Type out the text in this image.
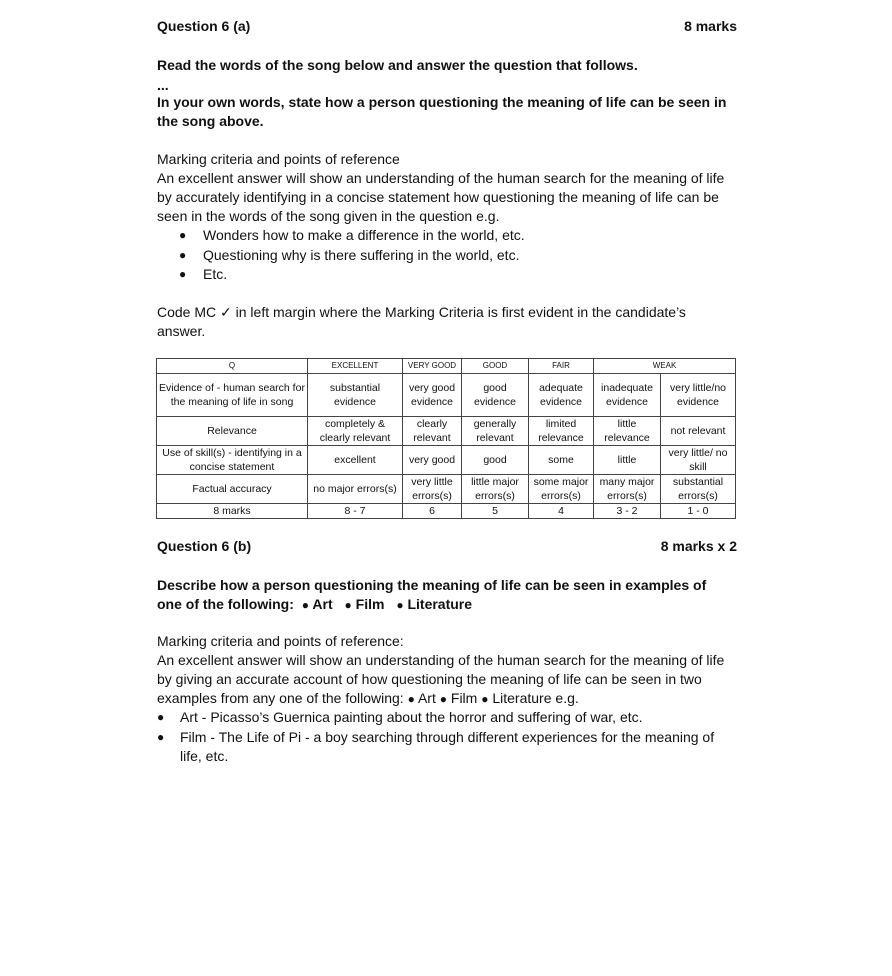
Question 6 (a)	8 marks
Read the words of the song below and answer the question that follows.
...
In your own words, state how a person questioning the meaning of life can be seen in the song above.
Marking criteria and points of reference
An excellent answer will show an understanding of the human search for the meaning of life by accurately identifying in a concise statement how questioning the meaning of life can be seen in the words of the song given in the question e.g.
● Wonders how to make a difference in the world, etc.
● Questioning why is there suffering in the world, etc.
● Etc.
Code MC ✓ in left margin where the Marking Criteria is first evident in the candidate’s answer.
Q	EXCELLENT	VERY GOOD	GOOD	FAIR	WEAK	
Evidence of - human search for the meaning of life in song	substantial evidence	very good evidence	good evidence	adequate evidence	inadequate evidence	very little/no evidence
Relevance	completely & clearly relevant	clearly relevant	generally relevant	limited relevance	little relevance	not relevant
Use of skill(s) - identifying in a concise statement	excellent	very good	good	some	little	very little/ no skill
Factual accuracy	no major errors(s)	very little errors(s)	little major errors(s)	some major errors(s)	many major errors(s)	substantial errors(s)
8 marks	8 - 7	6	5	4	3 - 2	1 - 0
Question 6 (b)	8 marks x 2
Describe how a person questioning the meaning of life can be seen in examples of
one of the following: ● Art ● Film ● Literature
Marking criteria and points of reference:
An excellent answer will show an understanding of the human search for the meaning of life by giving an accurate account of how questioning the meaning of life can be seen in two examples from any one of the following: ● Art ● Film ● Literature e.g.
● Art - Picasso’s Guernica painting about the horror and suffering of war, etc.
● Film - The Life of Pi - a boy searching through different experiences for the meaning of life, etc.
